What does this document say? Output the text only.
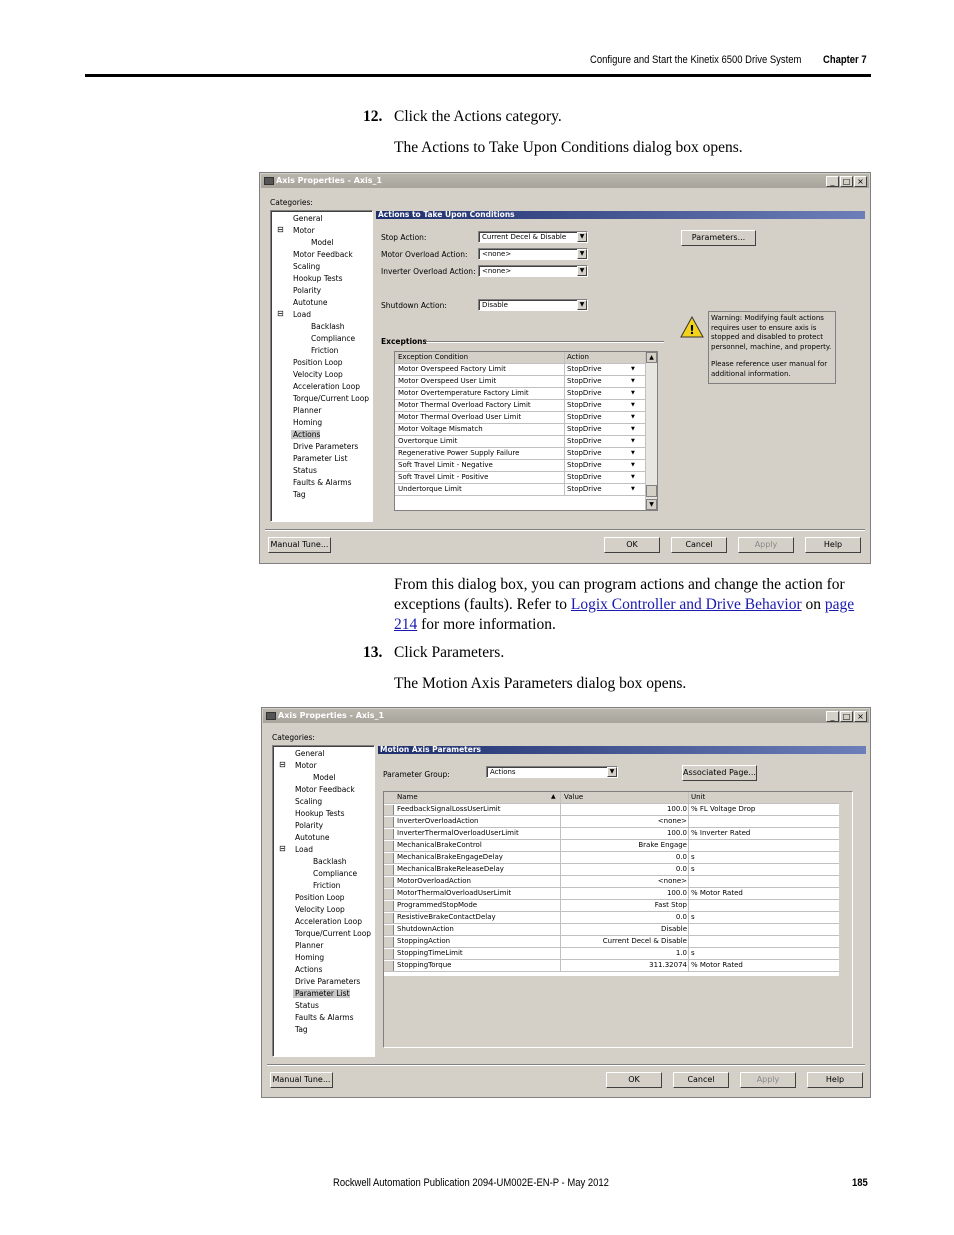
Configure and Start the Kinetix 6500 Drive System Chapter 7
12. Click the Actions category.
The Actions to Take Upon Conditions dialog box opens.
Axis Properties - Axis_1	_	□ ×
Categories:
General
⊟ Motor
Model
Motor Feedback
Scaling
Hookup Tests
Polarity
Autotune
⊟ Load
Backlash
Compliance
Friction
Position Loop
Velocity Loop
Acceleration Loop
Torque/Current Loop
Planner
Homing
Actions
Drive Parameters
Parameter List
Status
Faults & Alarms
Tag
Actions to Take Upon Conditions
Stop Action:	Current Decel & Disable	▼
Motor Overload Action:	<none>	▼
Inverter Overload Action: <none>	▼
Shutdown Action:	Disable	▼
Parameters...
!
Warning: Modifying fault actions requires user to ensure axis is stopped and disabled to protect personnel, machine, and property.
Please reference user manual for additional information.
Exceptions
Exception Condition	Action
Motor Overspeed Factory Limit	StopDrive	▼
Motor Overspeed User Limit	StopDrive	▼
Motor Overtemperature Factory Limit	StopDrive	▼
Motor Thermal Overload Factory Limit	StopDrive	▼
Motor Thermal Overload User Limit	StopDrive	▼
Motor Voltage Mismatch	StopDrive	▼
Overtorque Limit	StopDrive	▼
Regenerative Power Supply Failure	StopDrive	▼
Soft Travel Limit - Negative	StopDrive	▼
Soft Travel Limit - Positive	StopDrive	▼
Undertorque Limit	StopDrive	▼
▲
▼
Manual Tune...	OK	Cancel	Apply	Help
From this dialog box, you can program actions and change the action for exceptions (faults). Refer to Logix Controller and Drive Behavior on page 214 for more information.
13. Click Parameters.
The Motion Axis Parameters dialog box opens.
Axis Properties - Axis_1	_	□ ×
Categories:
General
⊟ Motor
Model
Motor Feedback
Scaling
Hookup Tests
Polarity
Autotune
⊟ Load
Backlash
Compliance
Friction
Position Loop
Velocity Loop
Acceleration Loop
Torque/Current Loop
Planner
Homing
Actions
Drive Parameters
Parameter List
Status
Faults & Alarms
Tag
Motion Axis Parameters
Parameter Group:	Actions	▼	Associated Page...
Name	Value	Unit
▲
FeedbackSignalLossUserLimit	100.0 % FL Voltage Drop
InverterOverloadAction	<none>
InverterThermalOverloadUserLimit	100.0 % Inverter Rated
MechanicalBrakeControl	Brake Engage
MechanicalBrakeEngageDelay	0.0 s
MechanicalBrakeReleaseDelay	0.0 s
MotorOverloadAction	<none>
MotorThermalOverloadUserLimit	100.0 % Motor Rated
ProgrammedStopMode	Fast Stop
ResistiveBrakeContactDelay	0.0 s
ShutdownAction	Disable
StoppingAction	Current Decel & Disable
StoppingTimeLimit	1.0 s
StoppingTorque	311.32074 % Motor Rated
Manual Tune...	OK	Cancel	Apply	Help
Rockwell Automation Publication 2094-UM002E-EN-P - May 2012	185
